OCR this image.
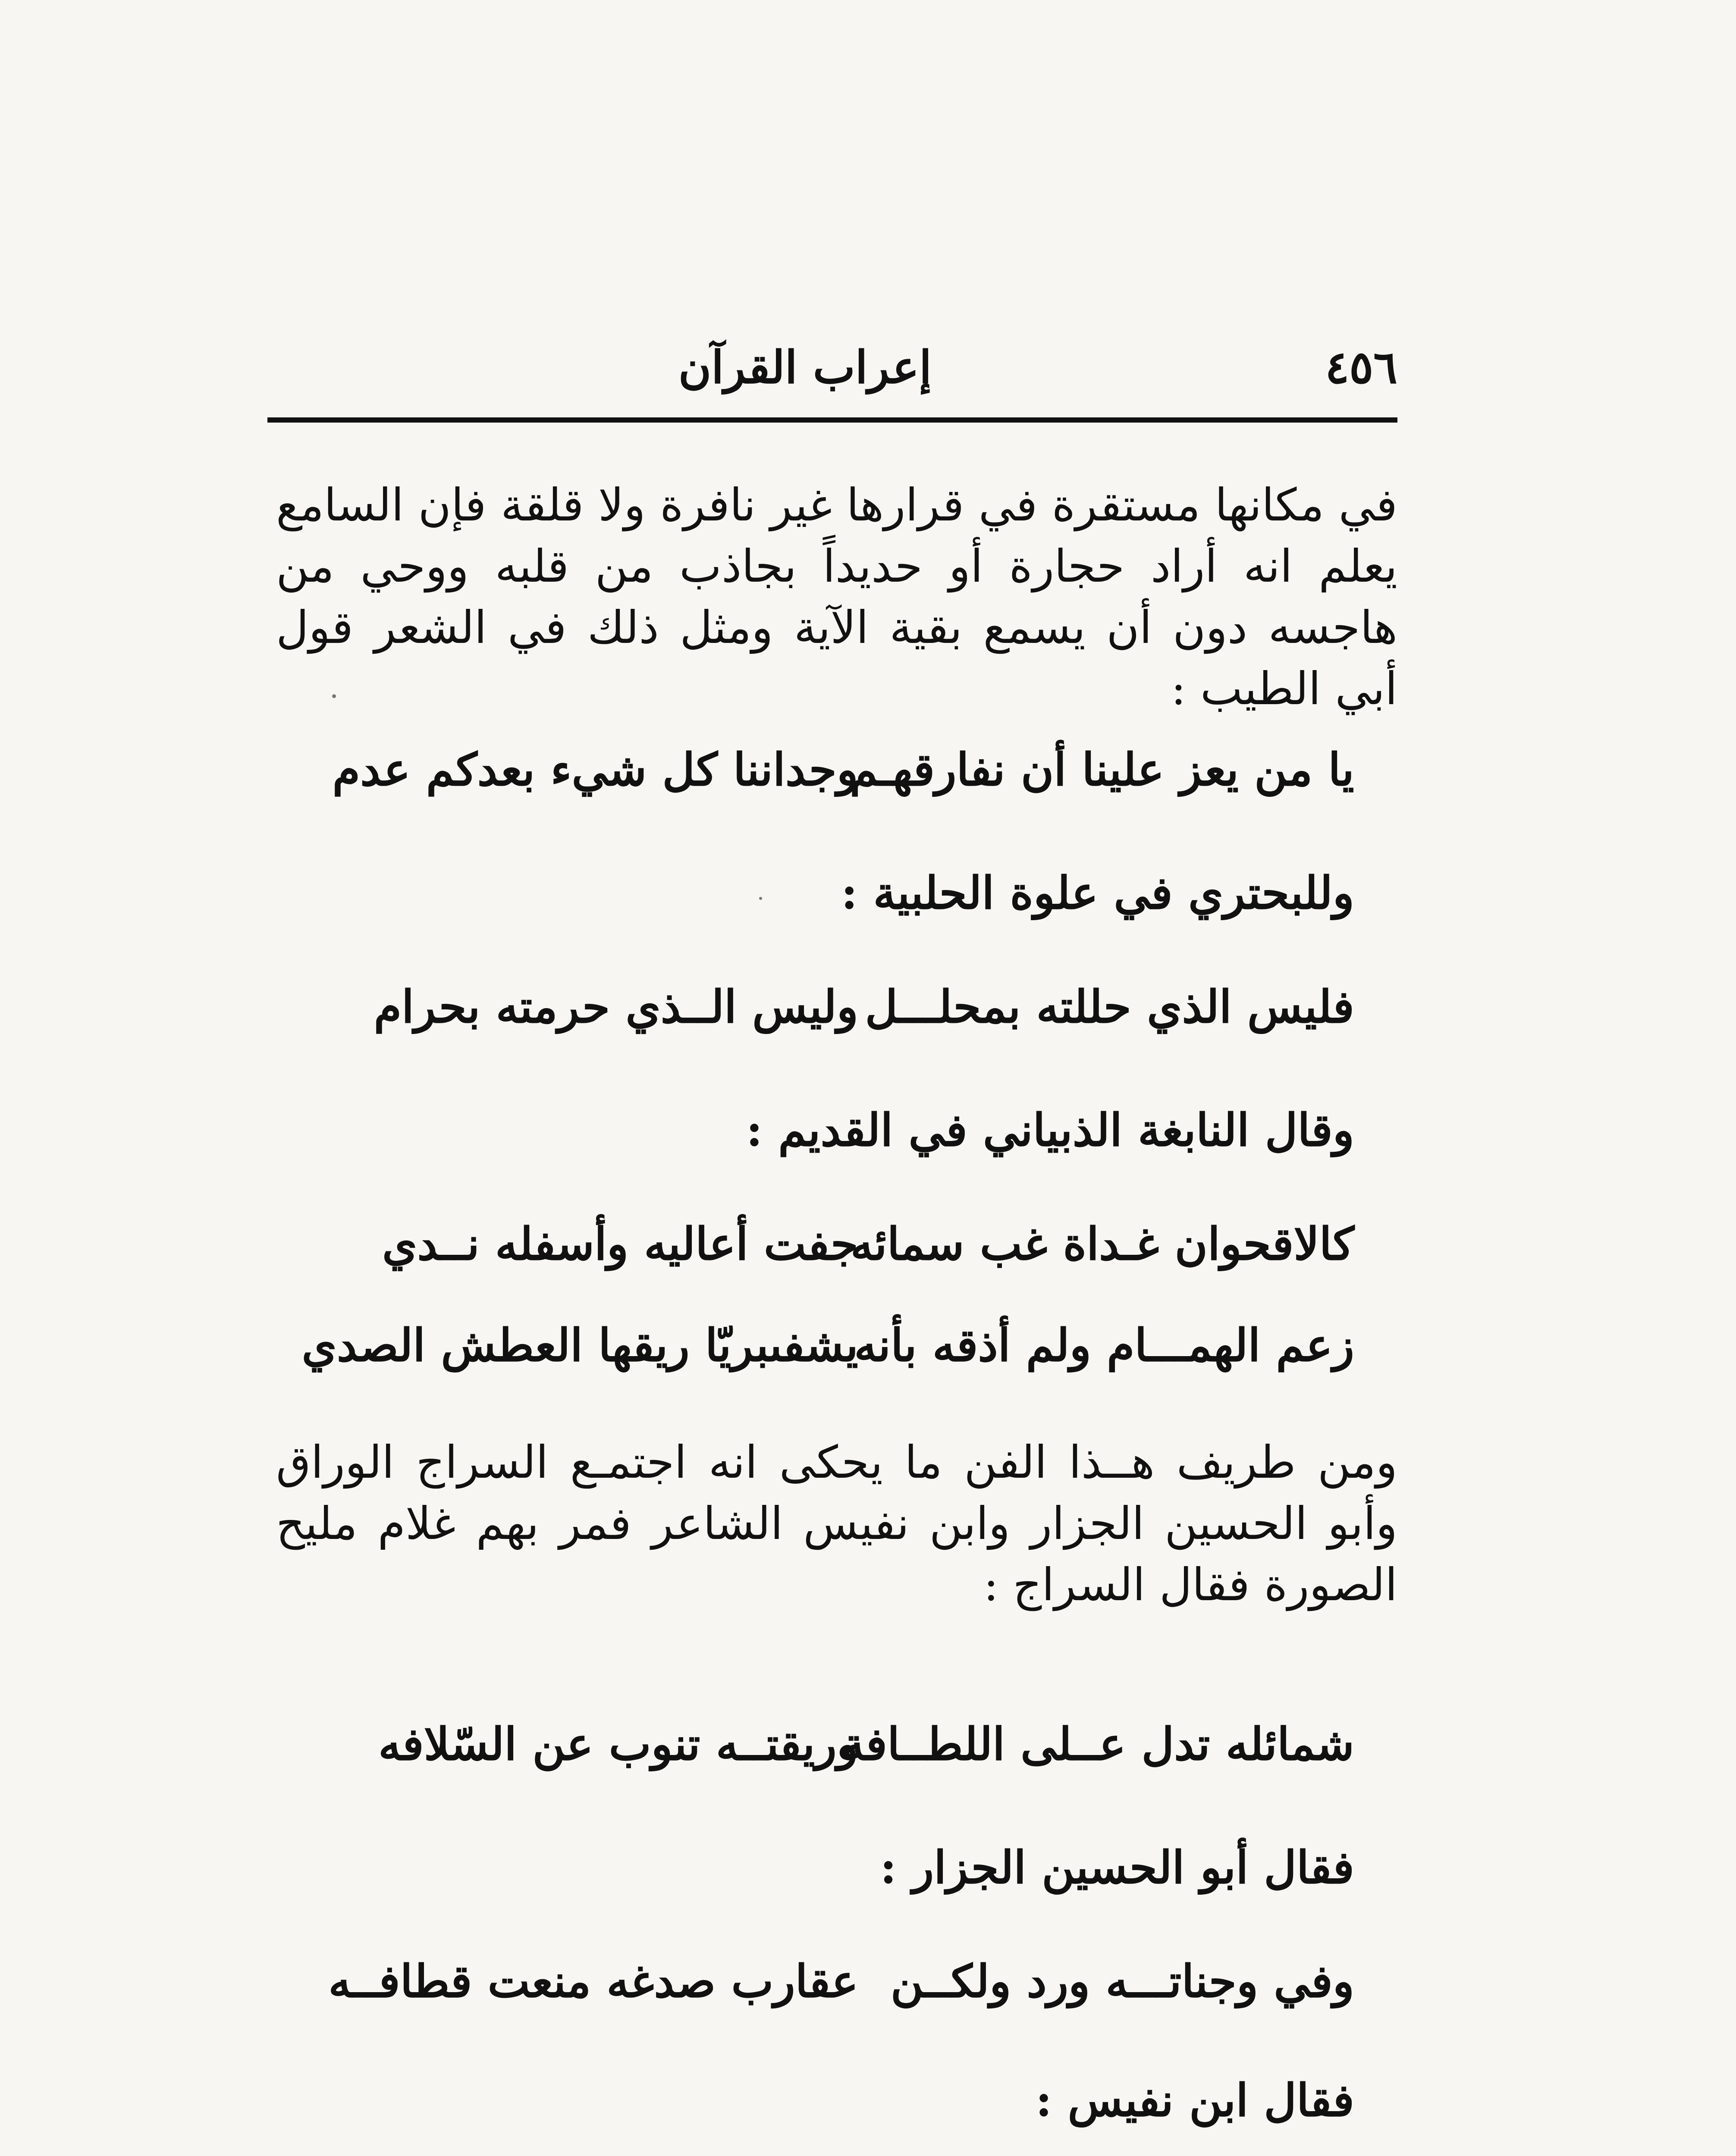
٤٥٦
إعراب القرآن
في مكانها مستقرة في قرارها غير نافرة ولا قلقة فإن السامع يعلم انه أراد حجارة أو حديداً بجاذب من قلبه ووحي من هاجسه دون أن يسمع بقية الآية ومثل ذلك في الشعر قول أبي الطيب :
يا من يعز علينا أن نفارقهـم
وجداننا كل شيء بعدكم عدم
وللبحتري في علوة الحلبية :
فليس الذي حللته بمحلـــل
وليس الــذي حرمته بحرام
وقال النابغة الذبياني في القديم :
كالاقحوان غـداة غب سمائه
جفت أعاليه وأسفله نــدي
زعم الهمـــام ولم أذقه بأنه
يشفىبريّا ريقها العطش الصدي
ومن طريف هــذا الفن ما يحكى انه اجتمـع السراج الوراق وأبو الحسين الجزار وابن نفيس الشاعر فمر بهم غلام مليح الصورة فقال السراج :
شمائله تدل عــلى اللطــافة
وريقتــه تنوب عن السّلافه
فقال أبو الحسين الجزار :
وفي وجناتـــه ورد ولكــن
عقارب صدغه منعت قطافــه
فقال ابن نفيس :
